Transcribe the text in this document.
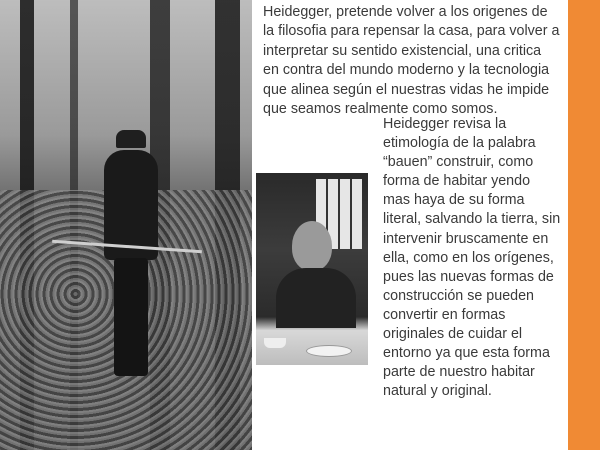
Heidegger, pretende volver a los origenes de
la filosofia para repensar la casa, para volver a
interpretar su sentido existencial, una critica
en contra del mundo moderno y la tecnologia
que alinea según el nuestras vidas he impide
que seamos realmente como somos.

Heidegger revisa la
etimología de la palabra
“bauen” construir, como
forma de habitar yendo
mas haya de su forma
literal, salvando la tierra, sin
intervenir bruscamente en
ella, como en los orígenes,
pues las nuevas formas de
construcción se pueden
convertir en formas
originales de cuidar el
entorno ya que esta forma
parte de nuestro habitar
natural y original.
